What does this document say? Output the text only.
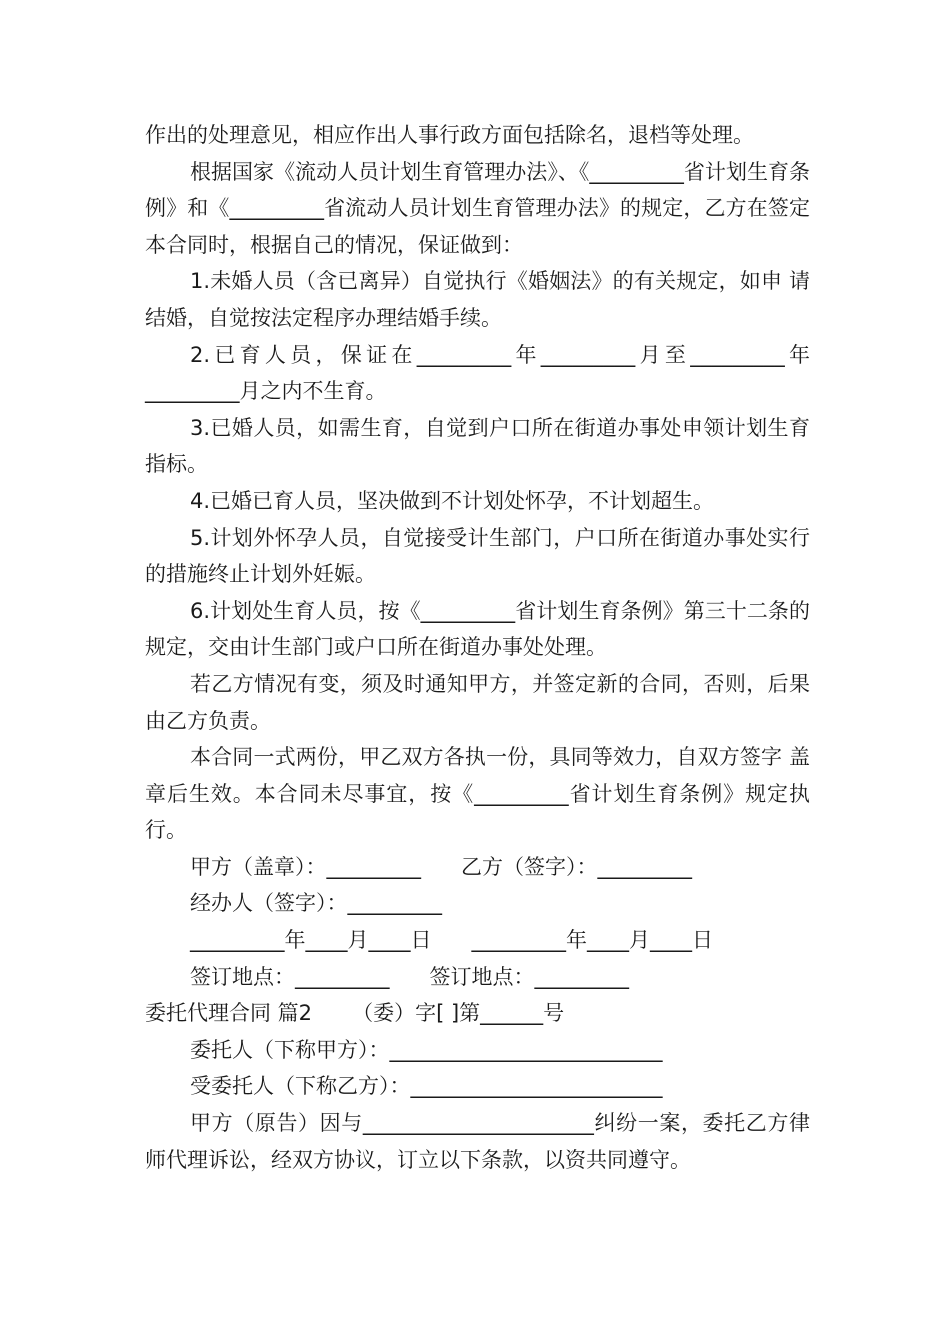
作出的处理意见，相应作出人事行政方面包括除名，退档等处理。

根据国家《流动人员计划生育管理办法》、《_________省计划生育条例》和《_________省流动人员计划生育管理办法》的规定，乙方在签定本合同时，根据自己的情况，保证做到：

1.未婚人员（含已离异）自觉执行《婚姻法》的有关规定，如申 请结婚，自觉按法定程序办理结婚手续。

2.已育人员，保证在_________年_________月至_________年_________月之内不生育。

3.已婚人员，如需生育，自觉到户口所在街道办事处申领计划生育指标。

4.已婚已育人员，坚决做到不计划处怀孕，不计划超生。

5.计划外怀孕人员，自觉接受计生部门，户口所在街道办事处实行的措施终止计划外妊娠。

6.计划处生育人员，按《_________省计划生育条例》第三十二条的规定，交由计生部门或户口所在街道办事处处理。

若乙方情况有变，须及时通知甲方，并签定新的合同，否则，后果由乙方负责。

本合同一式两份，甲乙双方各执一份，具同等效力，自双方签字 盖章后生效。本合同未尽事宜，按《_________省计划生育条例》规定执行。

甲方（盖章）：_________      乙方（签字）：_________

经办人（签字）：_________

_________年____月____日      _________年____月____日

签订地点：_________      签订地点：_________

委托代理合同 篇2      （委）字[ ]第______号

委托人（下称甲方）：__________________________

受委托人（下称乙方）：________________________

甲方（原告）因与______________________纠纷一案，委托乙方律师代理诉讼，经双方协议，订立以下条款，以资共同遵守。
